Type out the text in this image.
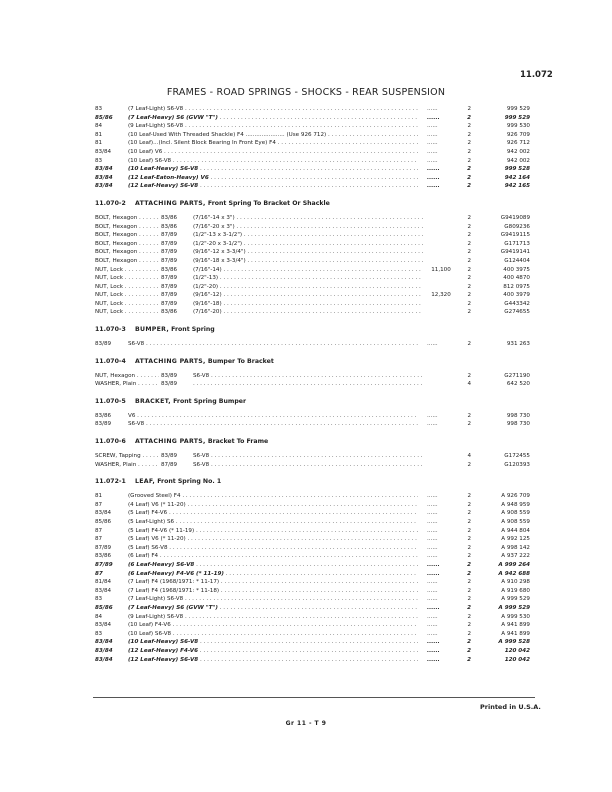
11.072
FRAMES - ROAD SPRINGS - SHOCKS - REAR SUSPENSION
83	(7 Leaf-Light) S6-V8 . . .	......	2	999 529
85/86	(7 Leaf-Heavy) S6 (GVW "T") . . .	......	2	999 529
84	(9 Leaf-Light) S6-V8 . . .	......	2	999 530
81	(10 Leaf-Used With Threaded Shackle) F4 ...................... (Use 926 712) . . .	......	2	926 709
81	(10 Leaf)...(Incl. Silent Block Bearing In Front Eye) F4 . . .	......	2	926 712
83/84	(10 Leaf) V6 . . .	......	2	942 002
83	(10 Leaf) S6-V8 . . .	......	2	942 002
83/84	(10 Leaf-Heavy) S6-V8 . . .	......	2	999 528
83/84	(12 Leaf-Eaton-Heavy) V6 . . .	......	2	942 164
83/84	(12 Leaf-Heavy) S6-V8 . . .	......	2	942 165
11.070-2 ATTACHING PARTS, Front Spring To Bracket Or Shackle
BOLT, Hexagon . . .	83/86	(7/16"-14 x 3") . . .	2	G9419089
BOLT, Hexagon . . .	83/86	(7/16"-20 x 3") . . .	2	G809236
BOLT, Hexagon . . .	87/89	(1/2"-13 x 3-1/2") . . .	2	G9419115
BOLT, Hexagon . . .	87/89	(1/2"-20 x 3-1/2") . . .	2	G171713
BOLT, Hexagon . . .	87/89	(9/16"-12 x 3-3/4") . . .	2	G9419141
BOLT, Hexagon . . .	87/89	(9/16"-18 x 3-3/4") . . .	2	G124404
NUT, Lock . . .	83/86	(7/16"-14) . . .	11,100	2	400 3975
NUT, Lock . . .	87/89	(1/2"-13) . . .	2	400 4870
NUT, Lock . . .	87/89	(1/2"-20) . . .	2	812 0975
NUT, Lock . . .	87/89	(9/16"-12) . . .	12,320	2	400 3979
NUT, Lock . . .	87/89	(9/16"-18) . . .	2	G443342
NUT, Lock . . .	83/86	(7/16"-20) . . .	2	G274655
11.070-3 BUMPER, Front Spring
83/89	S6-V8 . . .	......	2	931 263
11.070-4 ATTACHING PARTS, Bumper To Bracket
NUT, Hexagon . . .	83/89	S6-V8 . . .	2	G271190
WASHER, Plain . . .	83/89
. . .	4	642 520
11.070-5 BRACKET, Front Spring Bumper
83/86	V6 . . .	......	2	998 730
83/89	S6-V8 . . .	......	2	998 730
11.070-6 ATTACHING PARTS, Bracket To Frame
SCREW, Tapping . . .	83/89	S6-V8 . . .	4	G172455
WASHER, Plain . . .	87/89	S6-V8 . . .	2	G120393
11.072-1 LEAF, Front Spring No. 1
81	(Grooved Steel) F4 . . .	......	2	A 926 709
87	(4 Leaf) V6 (* 11-20) . . .	......	2	A 948 959
83/84	(5 Leaf) F4-V6 . . .	......	2	A 908 559
85/86	(5 Leaf-Light) S6 . . .	......	2	A 908 559
87	(5 Leaf) F4-V6 (* 11-19) . . .	......	2	A 944 804
87	(5 Leaf) V6 (* 11-20) . . .	......	2	A 992 125
87/89	(5 Leaf) S6-V8 . . .	......	2	A 998 142
83/86	(6 Leaf) F4 . . .	......	2	A 937 222
87/89	(6 Leaf-Heavy) S6-V8 . . .	......	2	A 999 264
87	(6 Leaf-Heavy) F4-V6 (* 11-19) . . .	......	2	A 942 688
81/84	(7 Leaf) F4 (1968/1971: * 11-17) . . .	......	2	A 910 298
83/84	(7 Leaf) F4 (1968/1971: * 11-18) . . .	......	2	A 919 680
83	(7 Leaf-Light) S6-V8 . . .	......	2	A 999 529
85/86	(7 Leaf-Heavy) S6 (GVW "T") . . .	......	2	A 999 529
84	(9 Leaf-Light) S6-V8 . . .	......	2	A 999 530
83/84	(10 Leaf) F4-V6 . . .	......	2	A 941 899
83	(10 Leaf) S6-V8 . . .	......	2	A 941 899
83/84	(10 Leaf-Heavy) S6-V8 . . .	......	2	A 999 528
83/84	(12 Leaf-Heavy) F4-V6 . . .	......	2	120 042
83/84	(12 Leaf-Heavy) S6-V8 . . .	......	2	120 042
Printed in U.S.A.
Gr 11 - T 9
